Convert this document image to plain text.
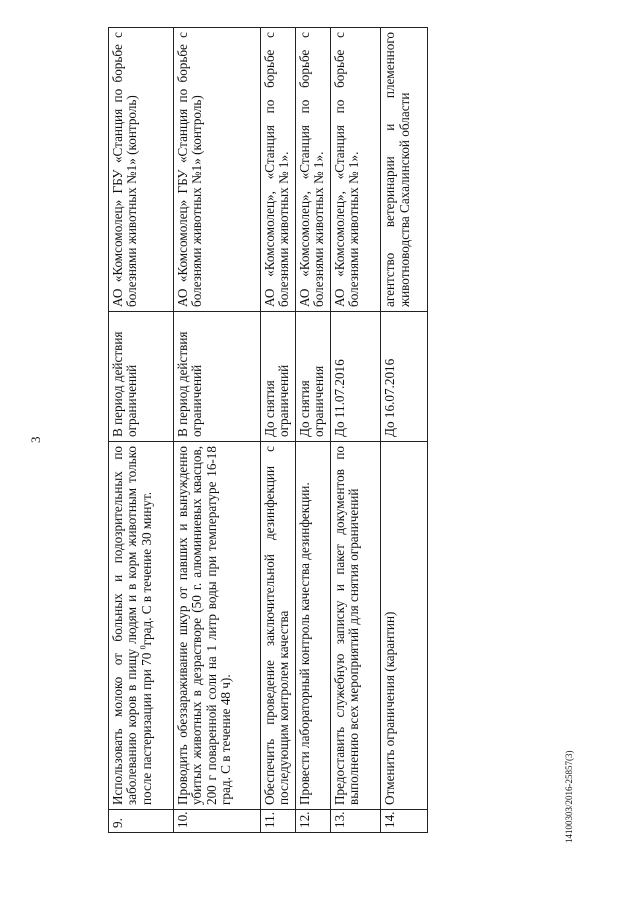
3
9.	Использовать молоко от больных и подозрительных по заболеванию коров в пищу людям и в корм животным только после пастеризации при 70 $^0$град. С в течение 30 минут.	В период действия ограничений	АО «Комсомолец» ГБУ «Станция по борьбе с болезнями животных №1» (контроль)
10.	Проводить обеззараживание шкур от павших и вынужденно убитых животных в дезрастворе (50 г. алюминиевых квасцов, 200 г поваренной соли на 1 литр воды при температуре 16-18 град. С в течение 48 ч).	В период действия ограничений	АО «Комсомолец» ГБУ «Станция по борьбе с болезнями животных №1» (контроль)
11.	Обеспечить проведение заключительной дезинфекции с последующим контролем качества	До снятия ограничений	АО «Комсомолец», «Станция по борьбе с болезнями животных № 1».
12.	Провести лабораторный контроль качества дезинфекции.	До снятия ограничения	АО «Комсомолец», «Станция по борьбе с болезнями животных № 1».
13.	Предоставить служебную записку и пакет документов по выполнению всех мероприятий для снятия ограничений	До 11.07.2016	АО «Комсомолец», «Станция по борьбе с болезнями животных № 1».
14.	Отменить ограничения (карантин)	До 16.07.2016	агентство ветеринарии и племенного животноводства Сахалинской области
1410030З/2016-25857(3)
